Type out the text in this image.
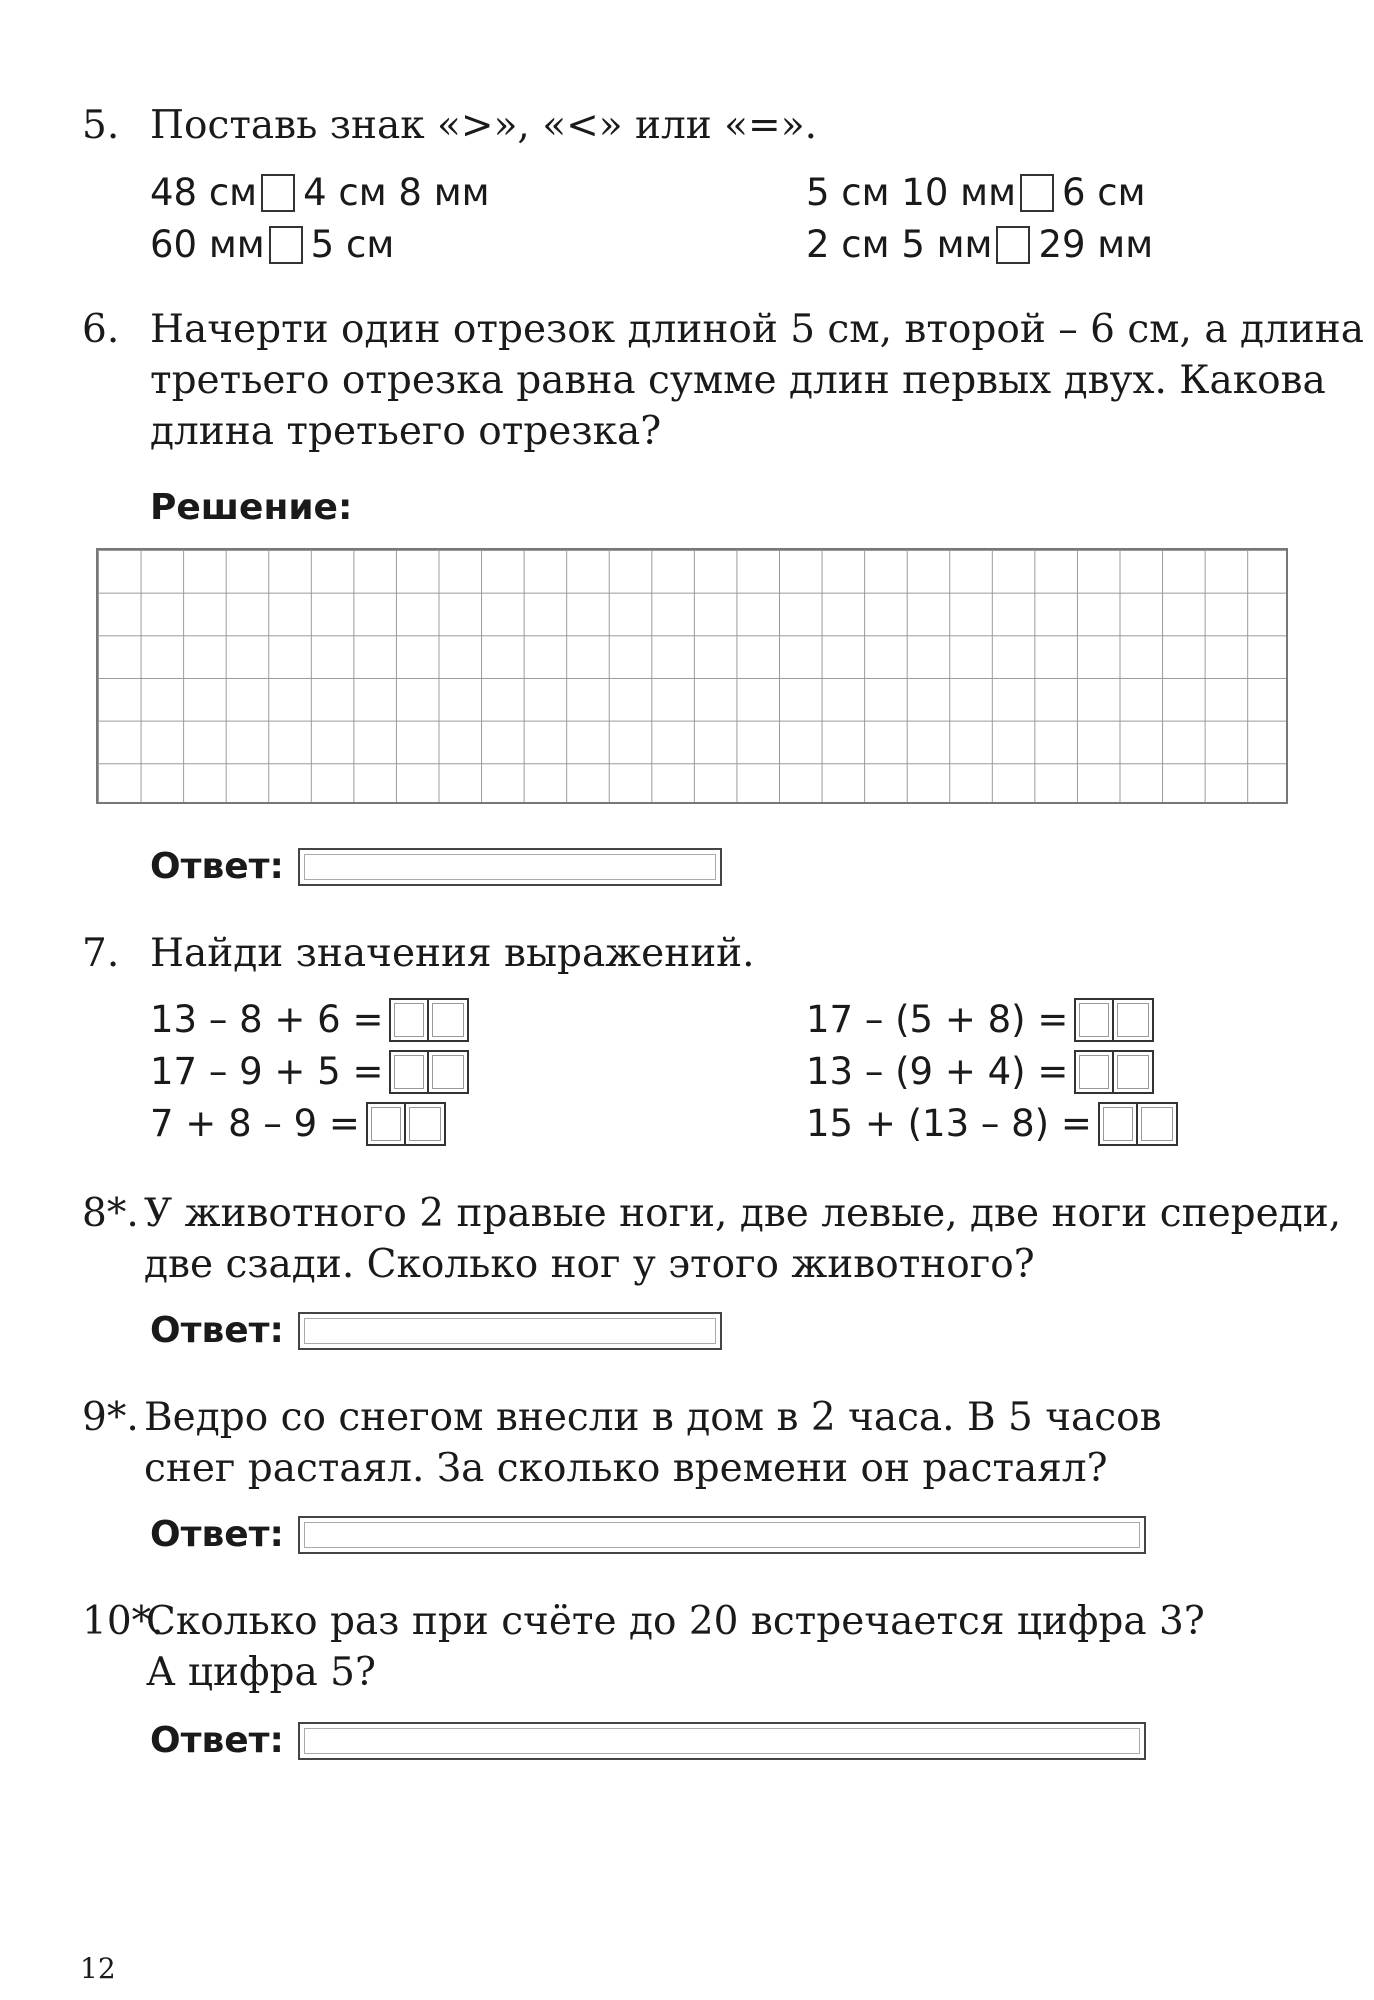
5. Поставь знак «>», «<» или «=».
48 см 4 см 8 мм
60 мм 5 см
5 см 10 мм 6 см
2 см 5 мм 29 мм
6. Начерти один отрезок длиной 5 см, второй – 6 см, а длина третьего отрезка равна сумме длин первых двух. Какова длина третьего отрезка?
Решение:
Ответ:
7. Найди значения выражений.
13 – 8 + 6 =
17 – 9 + 5 =
7 + 8 – 9 =
17 – (5 + 8) =
13 – (9 + 4) =
15 + (13 – 8) =
8*. У животного 2 правые ноги, две левые, две ноги спереди, две сзади. Сколько ног у этого животного?
Ответ:
9*. Ведро со снегом внесли в дом в 2 часа. В 5 часов снег растаял. За сколько времени он растаял?
Ответ:
10*.
Сколько раз при счёте до 20 встречается цифра 3? А цифра 5?
Ответ:
12
